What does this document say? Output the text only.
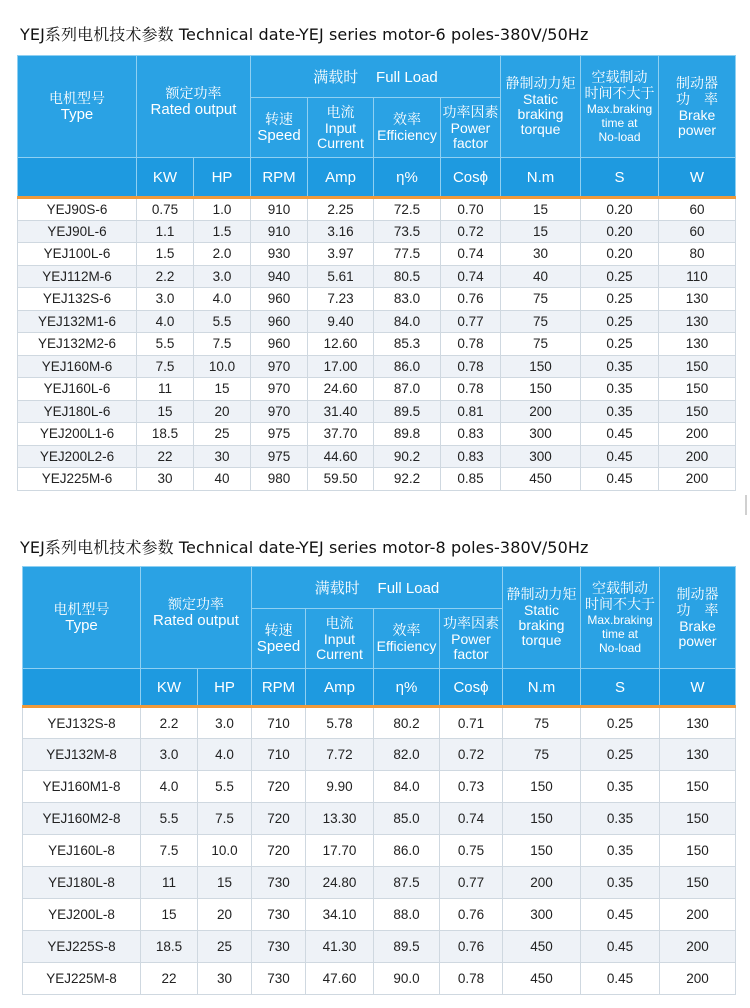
YEJ系列电机技术参数 Technical date-YEJ series motor-6 poles-380V/50Hz
电机型号
Type	额定功率
Rated output		满载时 Full Load				静制动力矩
Static
braking
torque	空载制动
时间不大于
Max.braking
time at
No-load	制动器
功　率
Brake
power

			转速
Speed	电流
Input
Current	效率
Efficiency	功率因素
Power
factor			

	KW	HP	RPM	Amp	η%	Cosϕ	N.m	S	W
YEJ90S-6	0.75	1.0	910	2.25	72.5	0.70	15	0.20	60
YEJ90L-6	1.1	1.5	910	3.16	73.5	0.72	15	0.20	60
YEJ100L-6	1.5	2.0	930	3.97	77.5	0.74	30	0.20	80
YEJ112M-6	2.2	3.0	940	5.61	80.5	0.74	40	0.25	110
YEJ132S-6	3.0	4.0	960	7.23	83.0	0.76	75	0.25	130
YEJ132M1-6	4.0	5.5	960	9.40	84.0	0.77	75	0.25	130
YEJ132M2-6	5.5	7.5	960	12.60	85.3	0.78	75	0.25	130
YEJ160M-6	7.5	10.0	970	17.00	86.0	0.78	150	0.35	150
YEJ160L-6	11	15	970	24.60	87.0	0.78	150	0.35	150
YEJ180L-6	15	20	970	31.40	89.5	0.81	200	0.35	150
YEJ200L1-6	18.5	25	975	37.70	89.8	0.83	300	0.45	200
YEJ200L2-6	22	30	975	44.60	90.2	0.83	300	0.45	200
YEJ225M-6	30	40	980	59.50	92.2	0.85	450	0.45	200
YEJ系列电机技术参数 Technical date-YEJ series motor-8 poles-380V/50Hz
电机型号
Type	额定功率
Rated output		满载时 Full Load				静制动力矩
Static
braking
torque	空载制动
时间不大于
Max.braking
time at
No-load	制动器
功　率
Brake
power

			转速
Speed	电流
Input
Current	效率
Efficiency	功率因素
Power
factor			

	KW	HP	RPM	Amp	η%	Cosϕ	N.m	S	W
YEJ132S-8	2.2	3.0	710	5.78	80.2	0.71	75	0.25	130
YEJ132M-8	3.0	4.0	710	7.72	82.0	0.72	75	0.25	130
YEJ160M1-8	4.0	5.5	720	9.90	84.0	0.73	150	0.35	150
YEJ160M2-8	5.5	7.5	720	13.30	85.0	0.74	150	0.35	150
YEJ160L-8	7.5	10.0	720	17.70	86.0	0.75	150	0.35	150
YEJ180L-8	11	15	730	24.80	87.5	0.77	200	0.35	150
YEJ200L-8	15	20	730	34.10	88.0	0.76	300	0.45	200
YEJ225S-8	18.5	25	730	41.30	89.5	0.76	450	0.45	200
YEJ225M-8	22	30	730	47.60	90.0	0.78	450	0.45	200
